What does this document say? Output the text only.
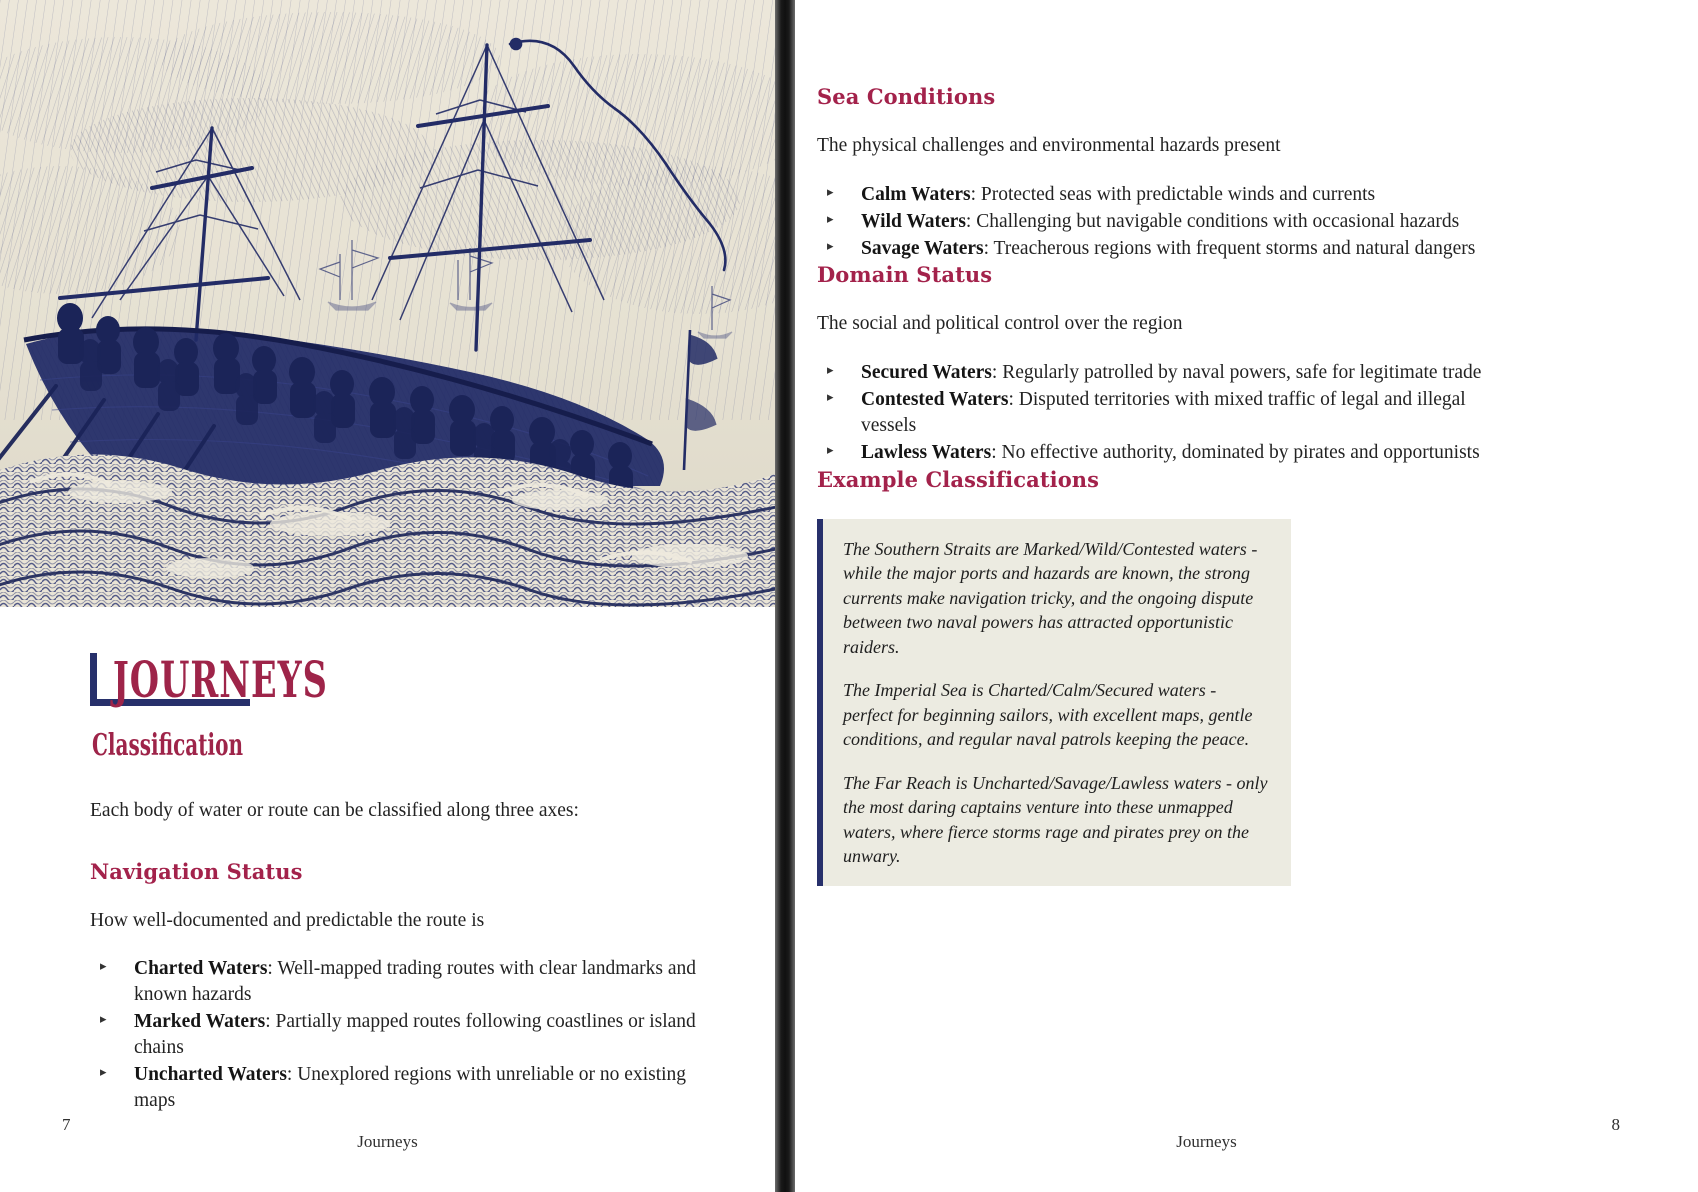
JOURNEYS
Classification

Each body of water or route can be classified along three axes:

Navigation Status

How well-documented and predictable the route is

▸ Charted Waters: Well-mapped trading routes with clear landmarks and known hazards
▸ Marked Waters: Partially mapped routes following coastlines or island chains
▸ Uncharted Waters: Unexplored regions with unreliable or no existing maps
7
Journeys
Sea Conditions

The physical challenges and environmental hazards present

▸ Calm Waters: Protected seas with predictable winds and currents
▸ Wild Waters: Challenging but navigable conditions with occasional hazards
▸ Savage Waters: Treacherous regions with frequent storms and natural dangers
Domain Status

The social and political control over the region

▸ Secured Waters: Regularly patrolled by naval powers, safe for legitimate trade
▸ Contested Waters: Disputed territories with mixed traffic of legal and illegal vessels
▸ Lawless Waters: No effective authority, dominated by pirates and opportunists
Example Classifications

The Southern Straits are Marked/Wild/Contested waters - while the major ports and hazards are known, the strong currents make navigation tricky, and the ongoing dispute between two naval powers has attracted opportunistic raiders.

The Imperial Sea is Charted/Calm/Secured waters - perfect for beginning sailors, with excellent maps, gentle conditions, and regular naval patrols keeping the peace.

The Far Reach is Uncharted/Savage/Lawless waters - only the most daring captains venture into these unmapped waters, where fierce storms rage and pirates prey on the unwary.

Journeys
8
